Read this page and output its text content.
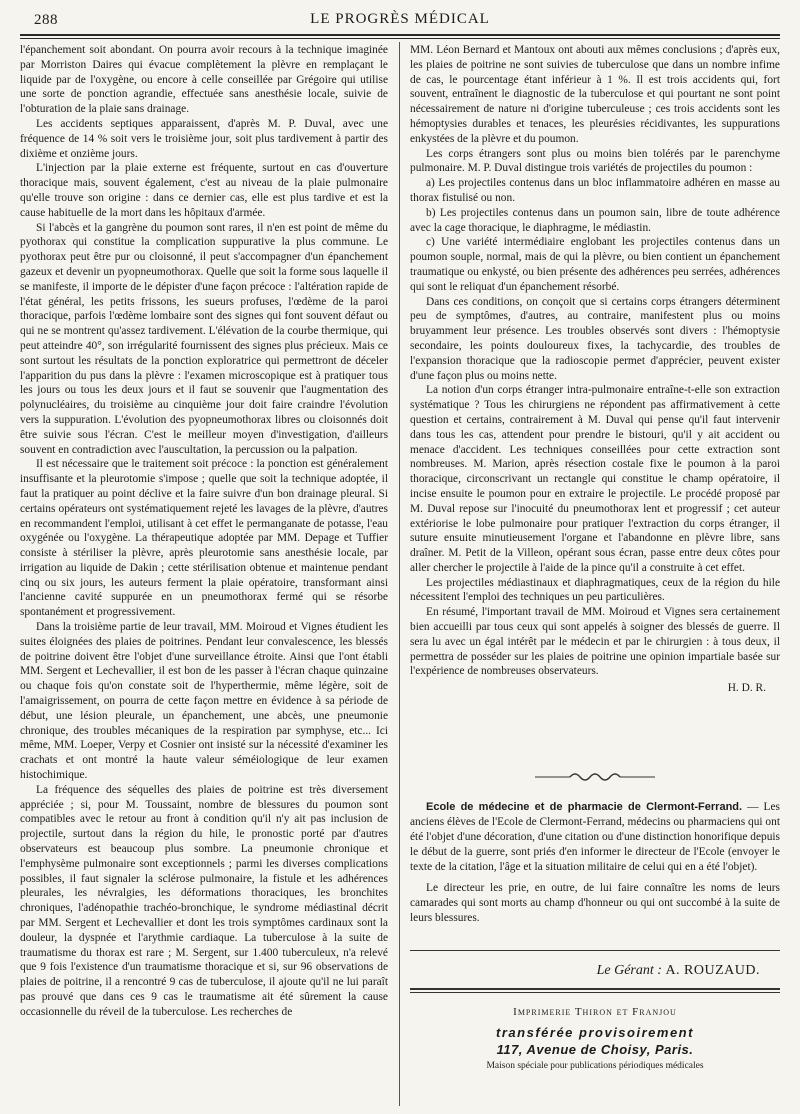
288	LE PROGRÈS MÉDICAL

l'épanchement soit abondant. On pourra avoir recours à la technique imaginée par Morriston Daires qui évacue complètement la plèvre en remplaçant le liquide par de l'oxygène, ou encore à celle conseillée par Grégoire qui utilise une sorte de ponction agrandie, effectuée sans anesthésie locale, suivie de l'obturation de la plaie sans drainage.

Les accidents septiques apparaissent, d'après M. P. Duval, avec une fréquence de 14 % soit vers le troisième jour, soit plus tardivement à partir des dixième et onzième jours.

L'injection par la plaie externe est fréquente, surtout en cas d'ouverture thoracique mais, souvent également, c'est au niveau de la plaie pulmonaire qu'elle trouve son origine : dans ce dernier cas, elle est plus tardive et est la cause habituelle de la mort dans les hôpitaux d'armée.

Si l'abcès et la gangrène du poumon sont rares, il n'en est point de même du pyothorax qui constitue la complication suppurative la plus commune. Le pyothorax peut être pur ou cloisonné, il peut s'accompagner d'un épanchement gazeux et devenir un pyopneumothorax. Quelle que soit la forme sous laquelle il se manifeste, il importe de le dépister d'une façon précoce : l'altération rapide de l'état général, les petits frissons, les sueurs profuses, l'œdème de la paroi thoracique, parfois l'œdème lombaire sont des signes qui font souvent défaut ou qui ne se montrent qu'assez tardivement. L'élévation de la courbe thermique, qui peut atteindre 40°, son irrégularité fournissent des signes plus précieux. Mais ce sont surtout les résultats de la ponction exploratrice qui permettront de déceler l'apparition du pus dans la plèvre : l'examen microscopique est à pratiquer tous les jours ou tous les deux jours et il faut se souvenir que l'augmentation des polynucléaires, du troisième au cinquième jour doit faire craindre l'évolution vers la suppuration. L'évolution des pyopneumothorax libres ou cloisonnés doit être suivie sous l'écran. C'est le meilleur moyen d'investigation, d'ailleurs souvent en contradiction avec l'auscultation, la percussion ou la palpation.

Il est nécessaire que le traitement soit précoce : la ponction est généralement insuffisante et la pleurotomie s'impose ; quelle que soit la technique adoptée, il faut la pratiquer au point déclive et la faire suivre d'un bon drainage pleural. Si certains opérateurs ont systématiquement rejeté les lavages de la plèvre, d'autres en recommandent l'emploi, utilisant à cet effet le permanganate de potasse, l'eau oxygénée ou l'oxygène. La thérapeutique adoptée par MM. Depage et Tuffier consiste à stériliser la plèvre, après pleurotomie sans anesthésie locale, par irrigation au liquide de Dakin ; cette stérilisation obtenue et maintenue pendant cinq ou six jours, les auteurs ferment la plaie opératoire, transformant ainsi l'ancienne cavité suppurée en un pneumothorax fermé qui se résorbe spontanément et progressivement.

Dans la troisième partie de leur travail, MM. Moiroud et Vignes étudient les suites éloignées des plaies de poitrines. Pendant leur convalescence, les blessés de poitrine doivent être l'objet d'une surveillance étroite. Ainsi que l'ont établi MM. Sergent et Lechevallier, il est bon de les passer à l'écran chaque quinzaine ou chaque fois qu'on constate soit de l'hyperthermie, même légère, soit de l'amaigrissement, on pourra de cette façon mettre en évidence à sa période de début, une lésion pleurale, un épanchement, une abcès, une pneumonie chronique, des troubles mécaniques de la respiration par symphyse, etc... Ici même, MM. Loeper, Verpy et Cosnier ont insisté sur la nécessité d'examiner les crachats et ont montré la haute valeur séméiologique de leur examen histochimique.

La fréquence des séquelles des plaies de poitrine est très diversement appréciée ; si, pour M. Toussaint, nombre de blessures du poumon sont compatibles avec le retour au front à condition qu'il n'y ait pas inclusion de projectile, surtout dans la région du hile, le pronostic porté par d'autres observateurs est beaucoup plus sombre. La pneumonie chronique et l'emphysème pulmonaire sont exceptionnels ; parmi les diverses complications possibles, il faut signaler la sclérose pulmonaire, la fistule et les adhérences pleurales, les névralgies, les déformations thoraciques, les bronchites chroniques, l'adénopathie trachéo-bronchique, le syndrome médiastinal décrit par MM. Sergent et Lechevallier et dont les trois symptômes cardinaux sont la douleur, la dyspnée et l'arythmie cardiaque. La tuberculose à la suite de traumatisme du thorax est rare ; M. Sergent, sur 1.400 tuberculeux, n'a relevé que 9 fois l'existence d'un traumatisme thoracique et si, sur 96 observations de plaies de poitrine, il a rencontré 9 cas de tuberculose, il ajoute qu'il ne lui paraît pas prouvé que dans ces 9 cas le traumatisme ait été sûrement la cause occasionnelle du réveil de la tuberculose. Les recherches de

MM. Léon Bernard et Mantoux ont abouti aux mêmes conclusions ; d'après eux, les plaies de poitrine ne sont suivies de tuberculose que dans un nombre infime de cas, le pourcentage étant inférieur à 1 %. Il est trois accidents qui, fort souvent, entraînent le diagnostic de la tuberculose et qui pourtant ne sont point nécessairement de nature ni d'origine tuberculeuse ; ces trois accidents sont les hémoptysies durables et tenaces, les pleurésies récidivantes, les suppurations enkystées de la plèvre et du poumon.

Les corps étrangers sont plus ou moins bien tolérés par le parenchyme pulmonaire. M. P. Duval distingue trois variétés de projectiles du poumon :

a) Les projectiles contenus dans un bloc inflammatoire adhéren en masse au thorax fistulisé ou non.

b) Les projectiles contenus dans un poumon sain, libre de toute adhérence avec la cage thoracique, le diaphragme, le médiastin.

c) Une variété intermédiaire englobant les projectiles contenus dans un poumon souple, normal, mais de qui la plèvre, ou bien contient un épanchement traumatique ou enkysté, ou bien présente des adhérences peu serrées, adhérences qui sont le reliquat d'un épanchement résorbé.

Dans ces conditions, on conçoit que si certains corps étrangers déterminent peu de symptômes, d'autres, au contraire, manifestent plus ou moins bruyamment leur présence. Les troubles observés sont divers : l'hémoptysie secondaire, les points douloureux fixes, la tachycardie, des troubles de l'expansion thoracique que la radioscopie permet d'apprécier, peuvent exister d'une façon plus ou moins nette.

La notion d'un corps étranger intra-pulmonaire entraîne-t-elle son extraction systématique ? Tous les chirurgiens ne répondent pas affirmativement à cette question et certains, contrairement à M. Duval qui pense qu'il faut intervenir dans tous les cas, attendent pour prendre le bistouri, qu'il y ait accident ou menace d'accident. Les techniques conseillées pour cette extraction sont nombreuses. M. Marion, après résection costale fixe le poumon à la paroi thoracique, circonscrivant un rectangle qui constitue le champ opératoire, il incise ensuite le poumon pour en extraire le projectile. Le procédé proposé par M. Duval repose sur l'inocuité du pneumothorax lent et progressif ; cet auteur extériorise le lobe pulmonaire pour pratiquer l'extraction du corps étranger, il suture ensuite minutieusement l'organe et l'abandonne en plèvre libre, sans draîner. M. Petit de la Villeon, opérant sous écran, passe entre deux côtes pour aller chercher le projectile à l'aide de la pince qu'il a construite à cet effet.

Les projectiles médiastinaux et diaphragmatiques, ceux de la région du hile nécessitent l'emploi des techniques un peu particulières.

En résumé, l'important travail de MM. Moiroud et Vignes sera certainement bien accueilli par tous ceux qui sont appelés à soigner des blessés de guerre. Il sera lu avec un égal intérêt par le médecin et par le chirurgien : à tous deux, il permettra de posséder sur les plaies de poitrine une opinion impartiale basée sur l'expérience de nombreuses observateurs.

H. D. R.

Ecole de médecine et de pharmacie de Clermont-Ferrand. — Les anciens élèves de l'Ecole de Clermont-Ferrand, médecins ou pharmaciens qui ont été l'objet d'une décoration, d'une citation ou d'une distinction honorifique depuis le début de la guerre, sont priés d'en informer le directeur de l'Ecole (envoyer le texte de la citation, l'âge et la situation militaire de celui qui en a été l'objet).

Le directeur les prie, en outre, de lui faire connaître les noms de leurs camarades qui sont morts au champ d'honneur ou qui ont succombé à la suite de leurs blessures.

Le Gérant : A. ROUZAUD.
Imprimerie Thiron et Franjou
transférée provisoirement
117, Avenue de Choisy, Paris.
Maison spéciale pour publications périodiques médicales
